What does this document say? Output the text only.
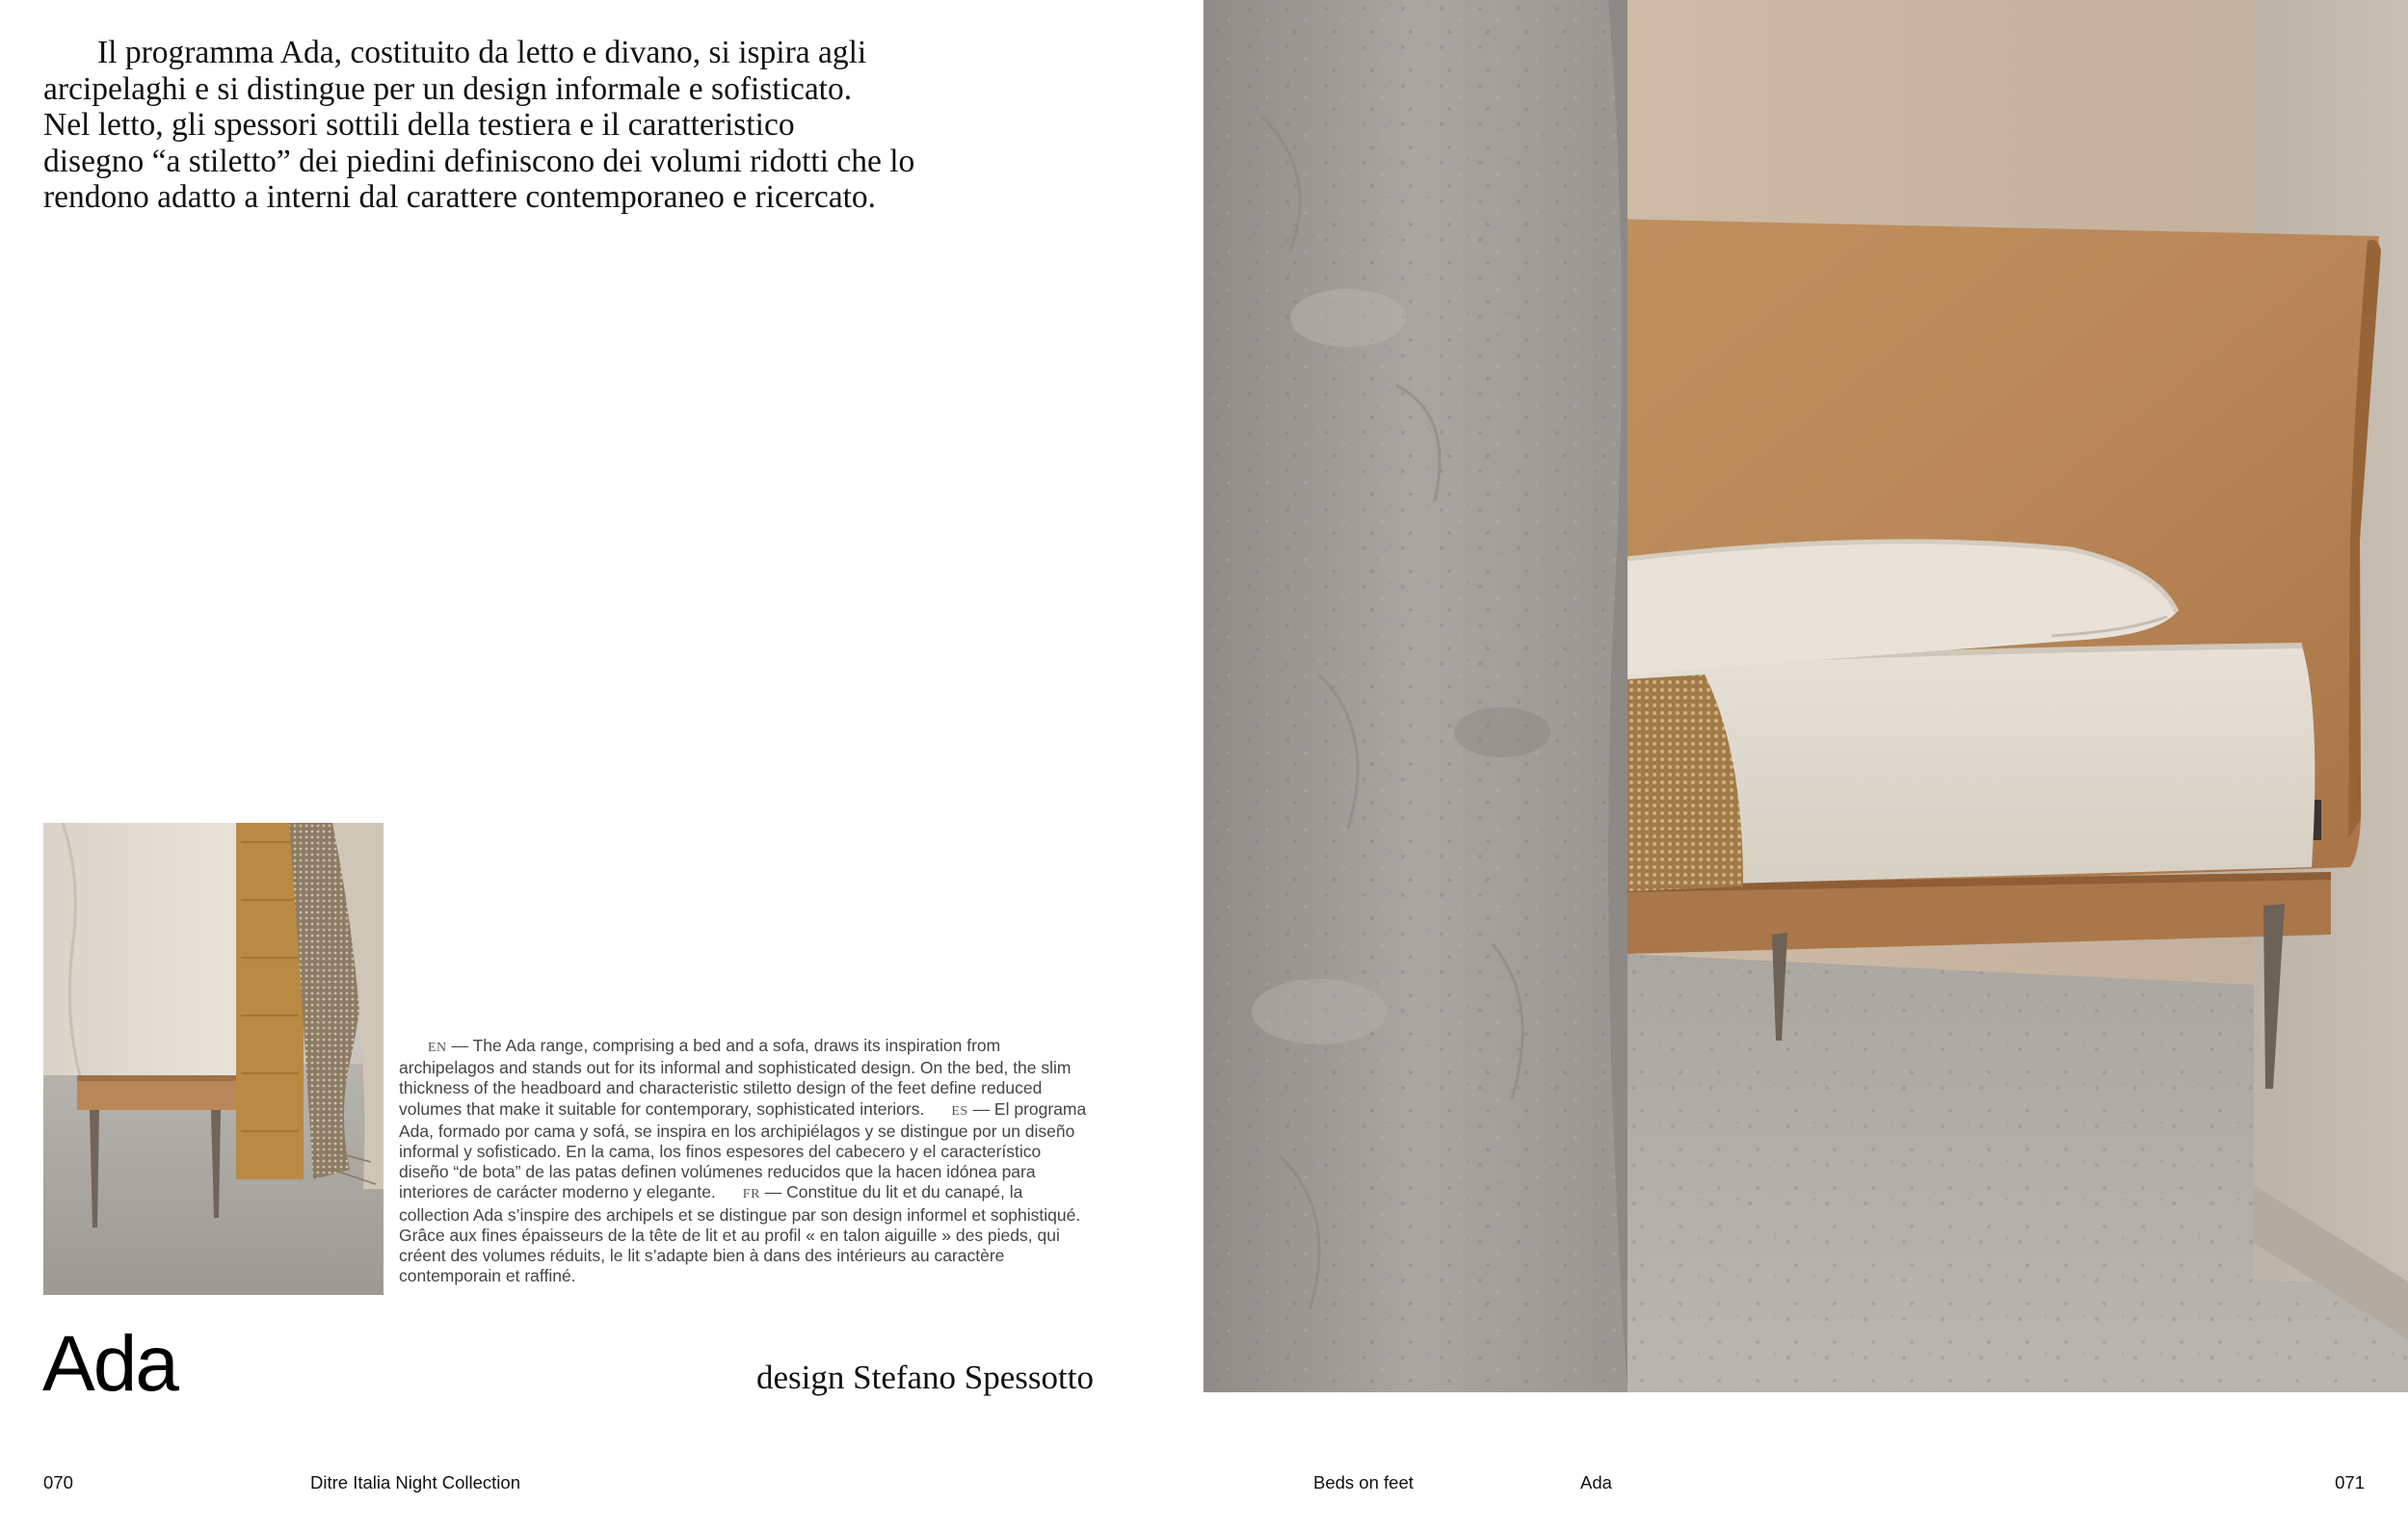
Il programma Ada, costituito da letto e divano, si ispira agli
arcipelaghi e si distingue per un design informale e sofisticato.
Nel letto, gli spessori sottili della testiera e il caratteristico
disegno “a stiletto” dei piedini definiscono dei volumi ridotti che lo
rendono adatto a interni dal carattere contemporaneo e ricercato.

EN — The Ada range, comprising a bed and a sofa, draws its inspiration from archipelagos and stands out for its informal and sophisticated design. On the bed, the slim thickness of the headboard and characteristic stiletto design of the feet define reduced volumes that make it suitable for contemporary, sophisticated interiors. ES — El programa Ada, formado por cama y sofá, se inspira en los archipiélagos y se distingue por un diseño informal y sofisticado. En la cama, los finos espesores del cabecero y el característico diseño “de bota” de las patas definen volúmenes reducidos que la hacen idónea para interiores de carácter moderno y elegante. FR — Constitue du lit et du canapé, la collection Ada s’inspire des archipels et se distingue par son design informel et sophistiqué. Grâce aux fines épaisseurs de la tête de lit et au profil « en talon aiguille » des pieds, qui créent des volumes réduits, le lit s’adapte bien à dans des intérieurs au caractère contemporain et raffiné.

Ada	design Stefano Spessotto
070	Ditre Italia Night Collection	Beds on feet	Ada	071
